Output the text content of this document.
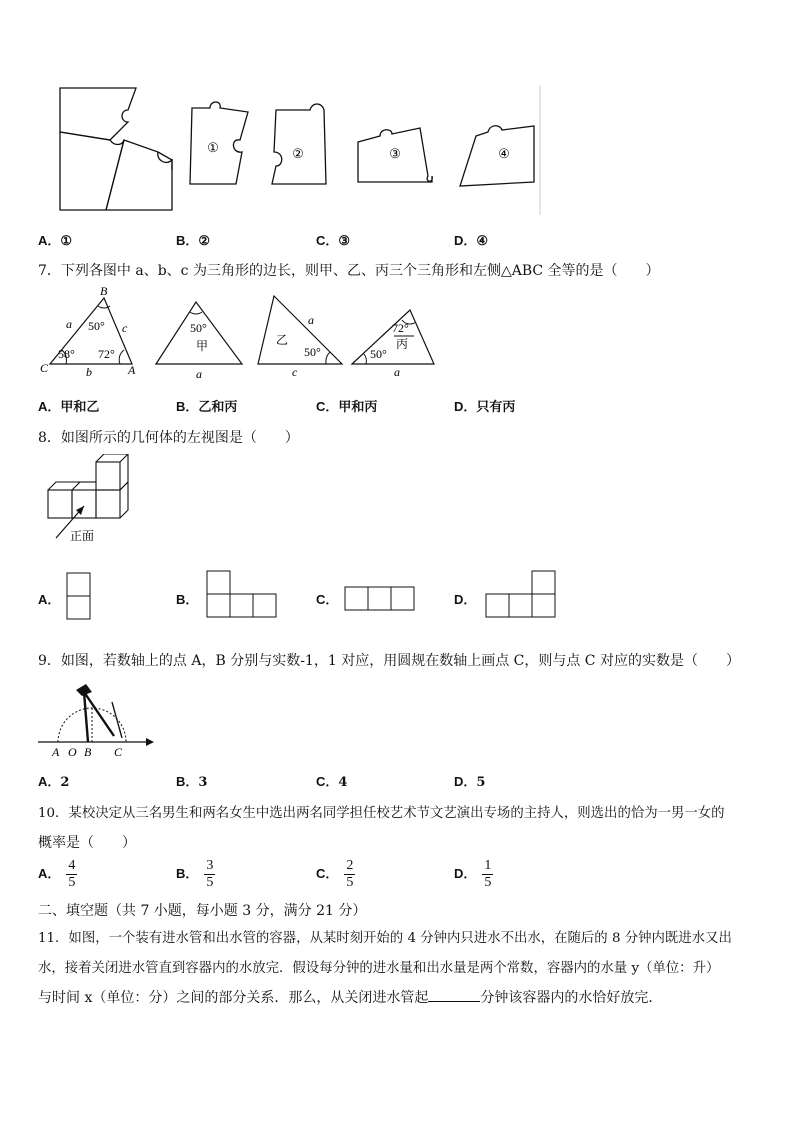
①	②	③	④
A．①	B．②	C．③	D．④
7．下列各图中 a、b、c 为三角形的边长，则甲、乙、丙三个三角形和左侧△ABC 全等的是（　　）
B
C	A
a
b
c
50°
58° 72°
50°
甲
a
乙
50°
a
c
72°
丙
50°
a
A．甲和乙	B．乙和丙	C．甲和丙	D．只有丙
8．如图所示的几何体的左视图是（　　）
正面
A．	B．	C．	D．
9．如图，若数轴上的点 A，B 分别与实数-1，1 对应，用圆规在数轴上画点 C，则与点 C 对应的实数是（　　）
A O B C
A．2	B．3	C．4	D．5
10．某校决定从三名男生和两名女生中选出两名同学担任校艺术节文艺演出专场的主持人，则选出的恰为一男一女的
概率是（　　）
A． $\frac{4}{5}$	B． $\frac{3}{5}$	C． $\frac{2}{5}$	D． $\frac{1}{5}$
二、填空题（共 7 小题，每小题 3 分，满分 21 分）
11．如图，一个装有进水管和出水管的容器，从某时刻开始的 4 分钟内只进水不出水，在随后的 8 分钟内既进水又出
水，接着关闭进水管直到容器内的水放完．假设每分钟的进水量和出水量是两个常数，容器内的水量 y（单位：升）
与时间 x（单位：分）之间的部分关系．那么，从关闭进水管起	分钟该容器内的水恰好放完．
